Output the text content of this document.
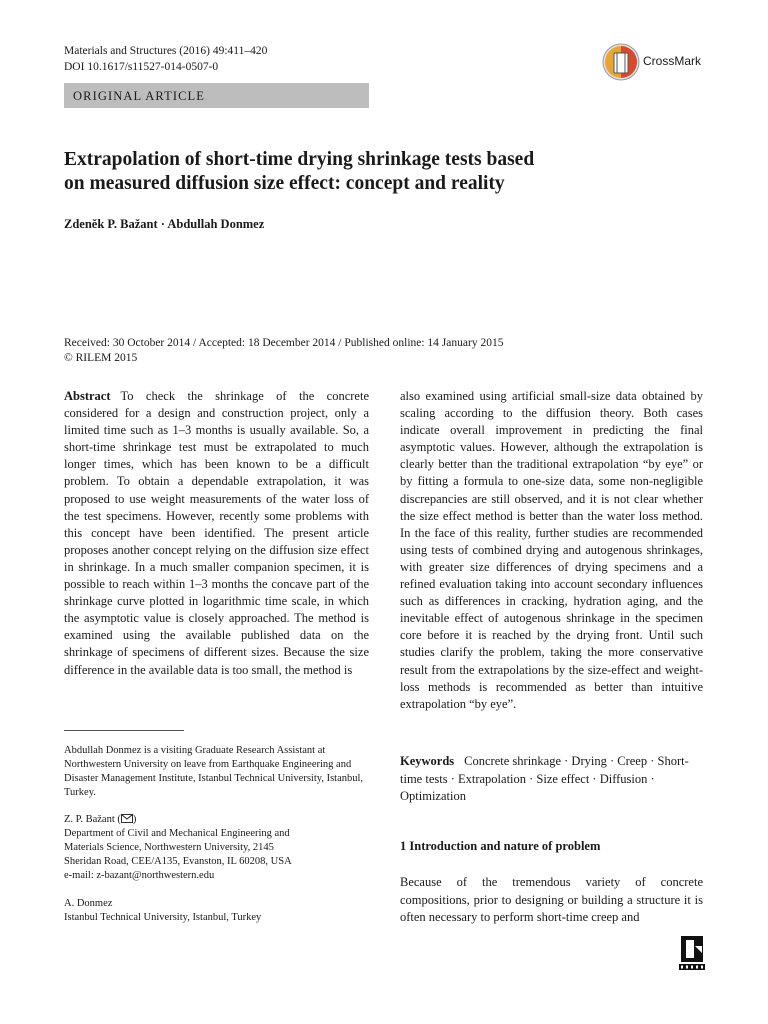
Materials and Structures (2016) 49:411–420
DOI 10.1617/s11527-014-0507-0	CrossMark
ORIGINAL ARTICLE
Extrapolation of short-time drying shrinkage tests based
on measured diffusion size effect: concept and reality
Zdeněk P. Bažant · Abdullah Donmez
Received: 30 October 2014 / Accepted: 18 December 2014 / Published online: 14 January 2015
© RILEM 2015

Abstract To check the shrinkage of the concrete considered for a design and construction project, only a limited time such as 1–3 months is usually available. So, a short-time shrinkage test must be extrapolated to much longer times, which has been known to be a difficult problem. To obtain a dependable extrapolation, it was proposed to use weight measurements of the water loss of the test specimens. However, recently some problems with this concept have been identified. The present article proposes another concept relying on the diffusion size effect in shrinkage. In a much smaller companion specimen, it is possible to reach within 1–3 months the concave part of the shrinkage curve plotted in logarithmic time scale, in which the asymptotic value is closely approached. The method is examined using the available published data on the shrinkage of specimens of different sizes. Because the size difference in the available data is too small, the method is

also examined using artificial small-size data obtained by scaling according to the diffusion theory. Both cases indicate overall improvement in predicting the final asymptotic values. However, although the extrapolation is clearly better than the traditional extrapolation “by eye” or by fitting a formula to one-size data, some non-negligible discrepancies are still observed, and it is not clear whether the size effect method is better than the water loss method. In the face of this reality, further studies are recommended using tests of combined drying and autogenous shrinkages, with greater size differences of drying specimens and a refined evaluation taking into account secondary influences such as differences in cracking, hydration aging, and the inevitable effect of autogenous shrinkage in the specimen core before it is reached by the drying front. Until such studies clarify the problem, taking the more conservative result from the extrapolations by the size-effect and weight-loss methods is recommended as better than intuitive extrapolation “by eye”.

Abdullah Donmez is a visiting Graduate Research Assistant at Northwestern University on leave from Earthquake Engineering and Disaster Management Institute, Istanbul Technical University, Istanbul, Turkey.
Z. P. Bažant ( )
Department of Civil and Mechanical Engineering and
Materials Science, Northwestern University, 2145
Sheridan Road, CEE/A135, Evanston, IL 60208, USA
e-mail: z-bazant@northwestern.edu
A. Donmez
Istanbul Technical University, Istanbul, Turkey
Keywords Concrete shrinkage · Drying · Creep · Short-time tests · Extrapolation · Size effect · Diffusion · Optimization
1 Introduction and nature of problem
Because of the tremendous variety of concrete compositions, prior to designing or building a structure it is often necessary to perform short-time creep and
